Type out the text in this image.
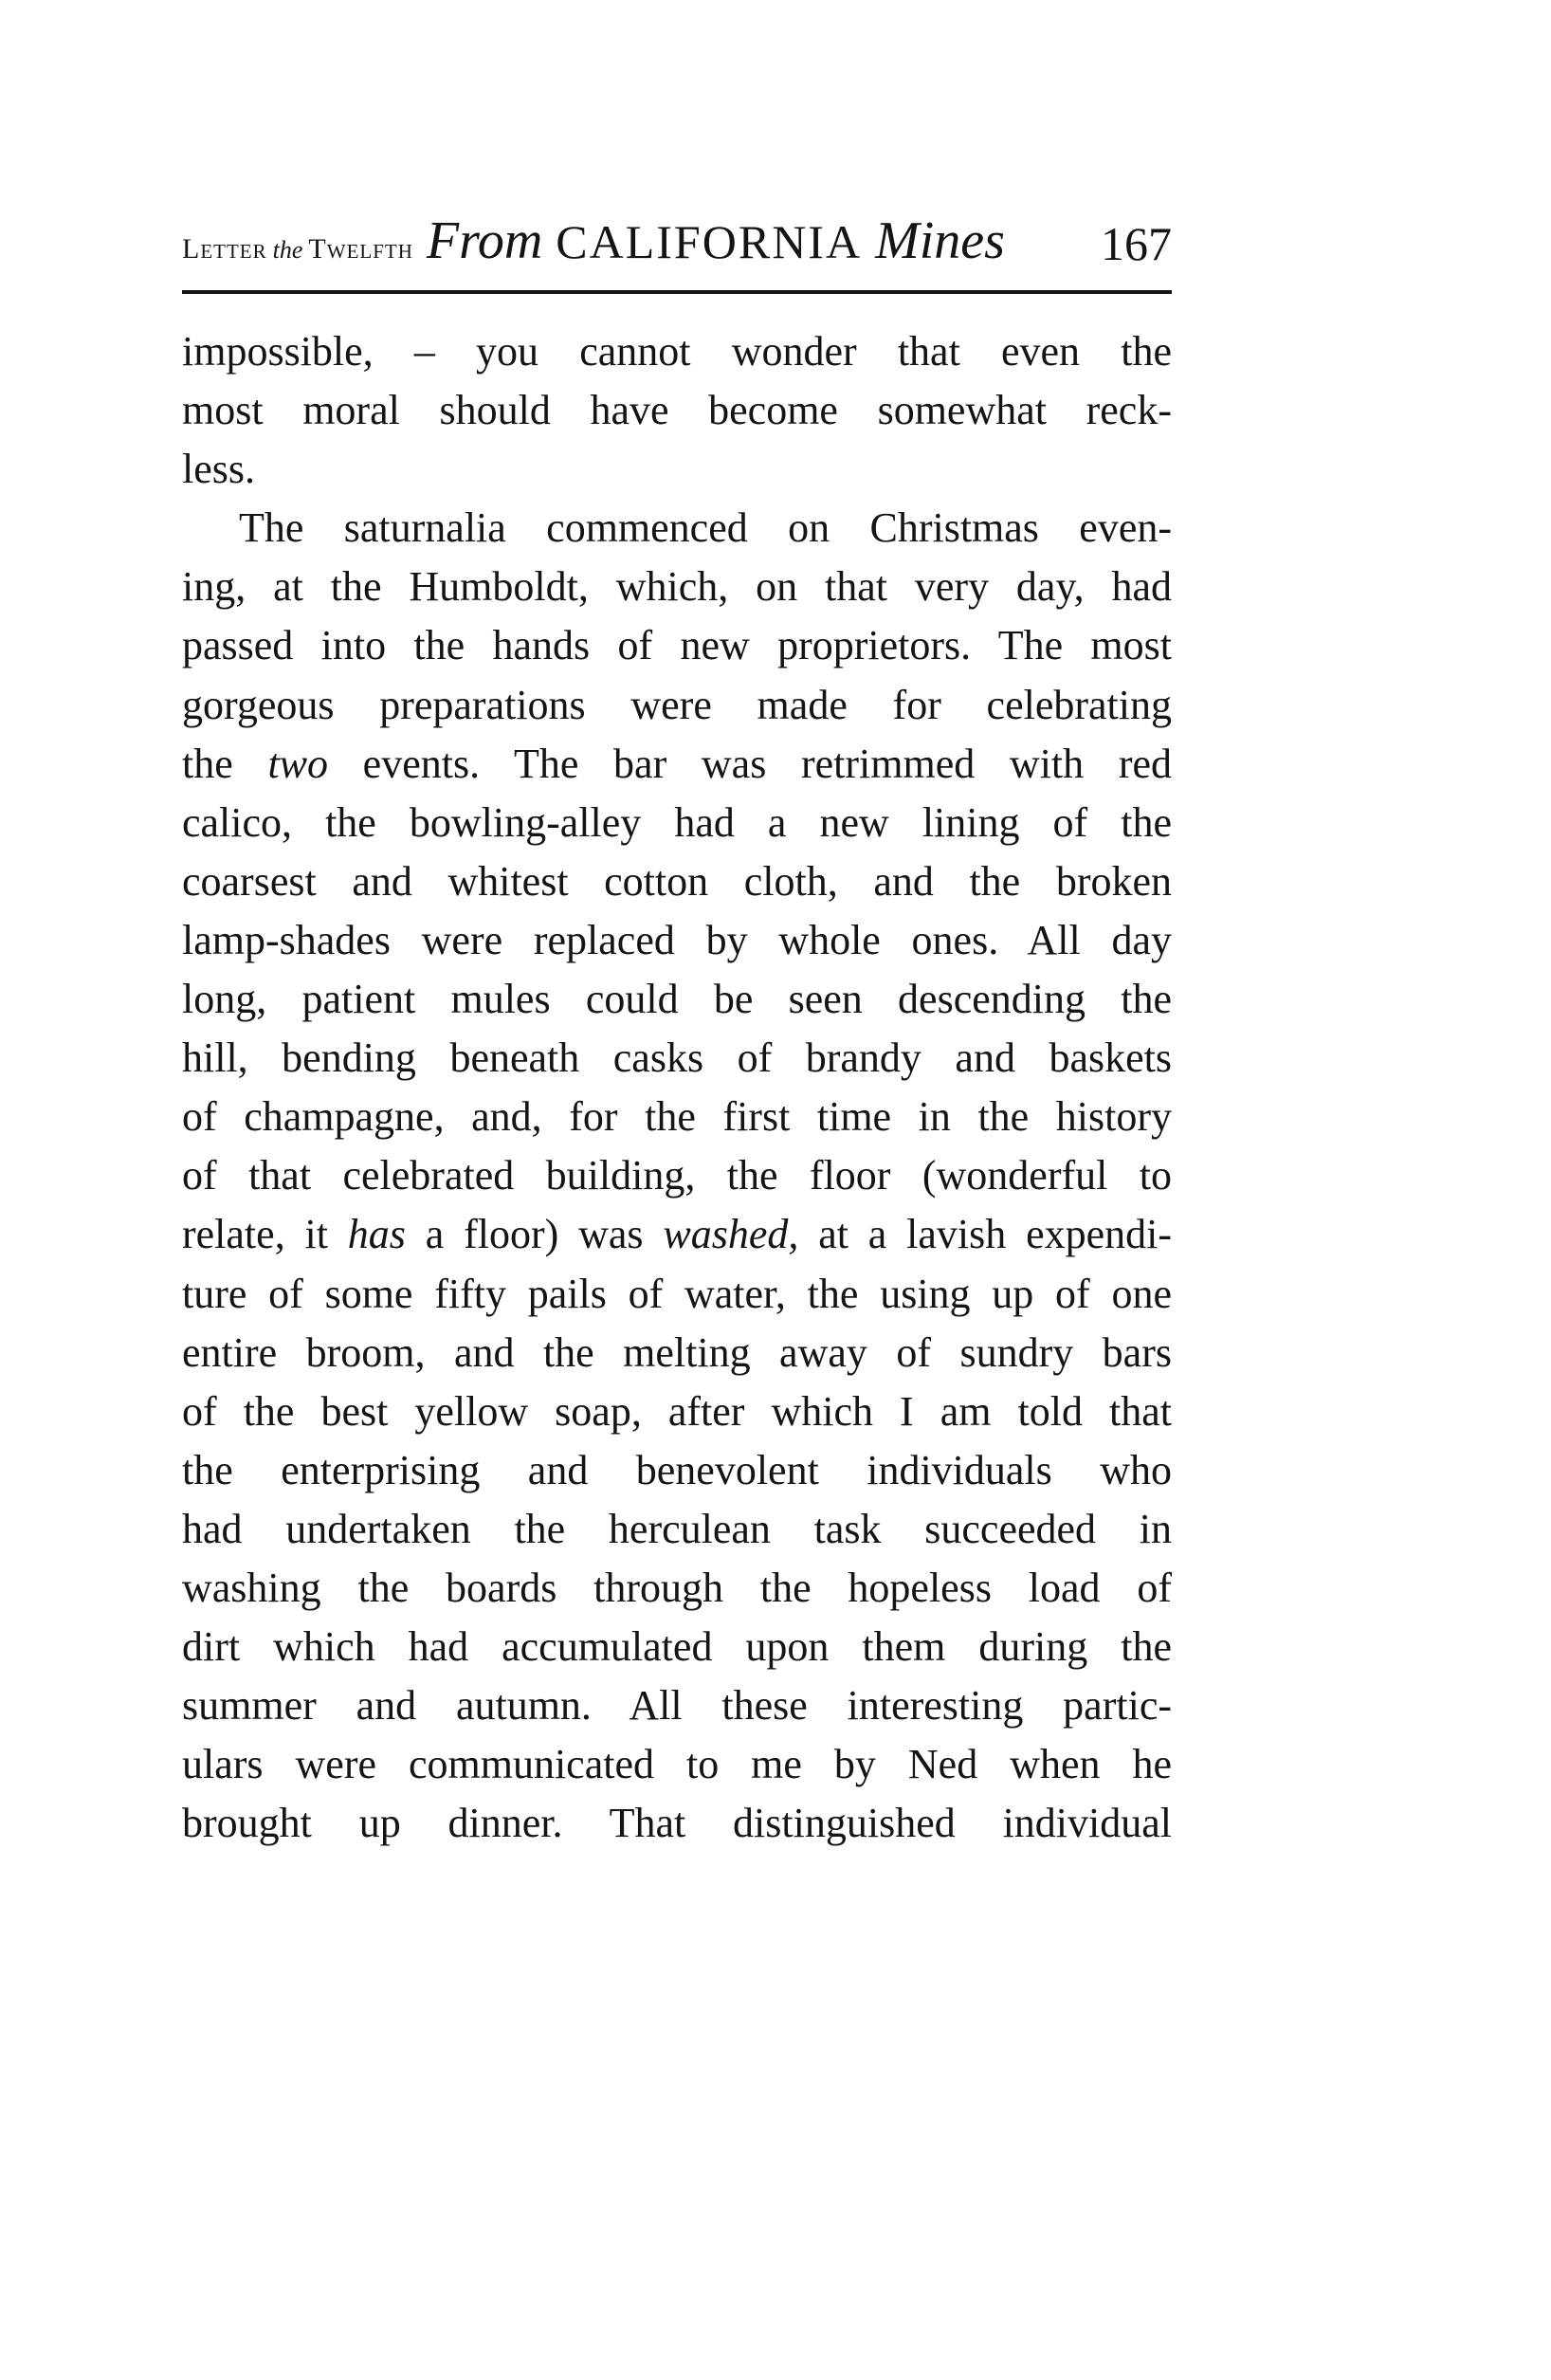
Letter the Twelfth From CALIFORNIA Mines 167
impossible, – you cannot wonder that even the
most moral should have become somewhat reck-
less.
The saturnalia commenced on Christmas even-
ing, at the Humboldt, which, on that very day, had
passed into the hands of new proprietors. The most
gorgeous preparations were made for celebrating
the two events. The bar was retrimmed with red
calico, the bowling-alley had a new lining of the
coarsest and whitest cotton cloth, and the broken
lamp-shades were replaced by whole ones. All day
long, patient mules could be seen descending the
hill, bending beneath casks of brandy and baskets
of champagne, and, for the first time in the history
of that celebrated building, the floor (wonderful to
relate, it has a floor) was washed, at a lavish expendi-
ture of some fifty pails of water, the using up of one
entire broom, and the melting away of sundry bars
of the best yellow soap, after which I am told that
the enterprising and benevolent individuals who
had undertaken the herculean task succeeded in
washing the boards through the hopeless load of
dirt which had accumulated upon them during the
summer and autumn. All these interesting partic-
ulars were communicated to me by Ned when he
brought up dinner. That distinguished individual
